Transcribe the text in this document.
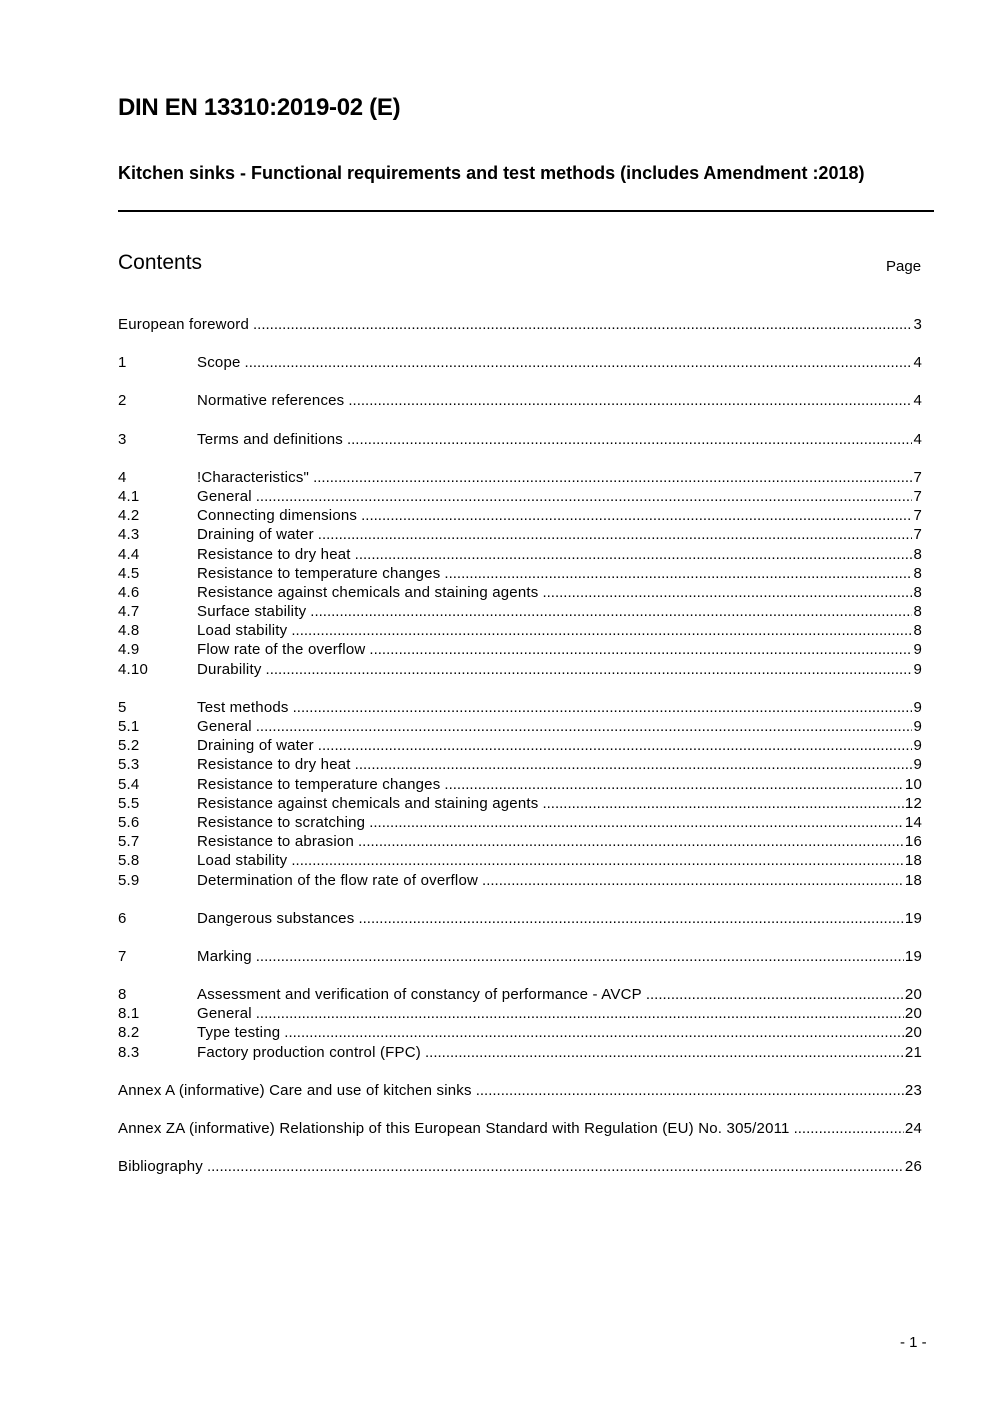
DIN EN 13310:2019-02 (E)
Kitchen sinks - Functional requirements and test methods (includes Amendment :2018)
Contents	Page
European foreword .....	3
1	Scope .....	4
2	Normative references .....	4
3	Terms and definitions .....	4
4	!Characteristics" .....	7
4.1	General .....	7
4.2	Connecting dimensions .....	7
4.3	Draining of water .....	7
4.4	Resistance to dry heat .....	8
4.5	Resistance to temperature changes .....	8
4.6	Resistance against chemicals and staining agents .....	8
4.7	Surface stability .....	8
4.8	Load stability .....	8
4.9	Flow rate of the overflow .....	9
4.10	Durability .....	9
5	Test methods .....	9
5.1	General .....	9
5.2	Draining of water .....	9
5.3	Resistance to dry heat .....	9
5.4	Resistance to temperature changes .....	10
5.5	Resistance against chemicals and staining agents .....	12
5.6	Resistance to scratching .....	14
5.7	Resistance to abrasion .....	16
5.8	Load stability .....	18
5.9	Determination of the flow rate of overflow .....	18
6	Dangerous substances .....	19
7	Marking .....	19
8	Assessment and verification of constancy of performance - AVCP .....	20
8.1	General .....	20
8.2	Type testing .....	20
8.3	Factory production control (FPC) .....	21
Annex A (informative) Care and use of kitchen sinks .....	23
Annex ZA (informative) Relationship of this European Standard with Regulation (EU) No. 305/2011 .....	24
Bibliography .....	26
- 1 -
